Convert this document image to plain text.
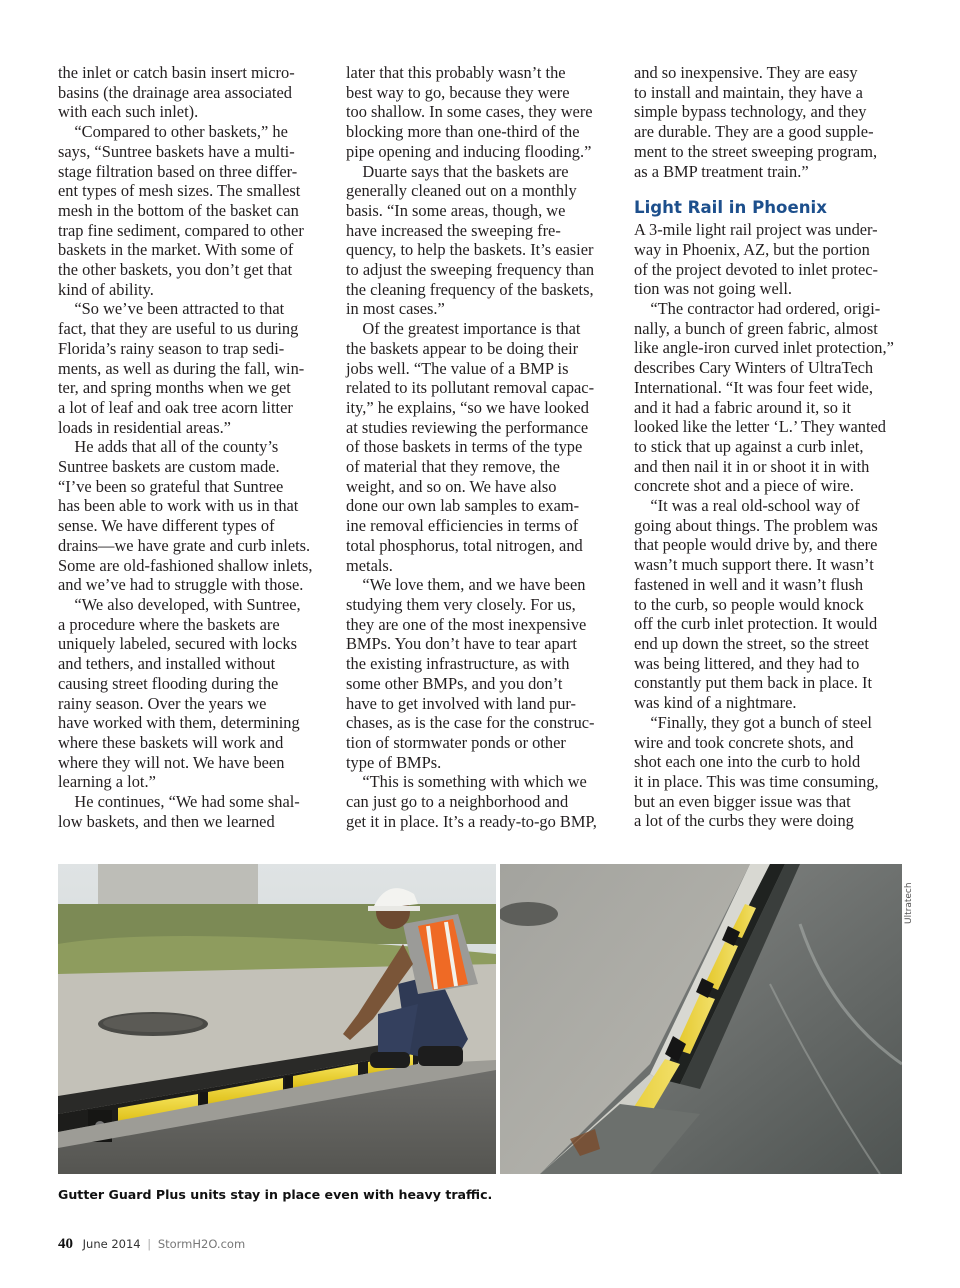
the inlet or catch basin insert micro-
basins (the drainage area associated
with each such inlet).
“Compared to other baskets,” he
says, “Suntree baskets have a multi-
stage filtration based on three differ-
ent types of mesh sizes. The smallest
mesh in the bottom of the basket can
trap fine sediment, compared to other
baskets in the market. With some of
the other baskets, you don’t get that
kind of ability.
“So we’ve been attracted to that
fact, that they are useful to us during
Florida’s rainy season to trap sedi-
ments, as well as during the fall, win-
ter, and spring months when we get
a lot of leaf and oak tree acorn litter
loads in residential areas.”
He adds that all of the county’s
Suntree baskets are custom made.
“I’ve been so grateful that Suntree
has been able to work with us in that
sense. We have different types of
drains—we have grate and curb inlets.
Some are old-fashioned shallow inlets,
and we’ve had to struggle with those.
“We also developed, with Suntree,
a procedure where the baskets are
uniquely labeled, secured with locks
and tethers, and installed without
causing street flooding during the
rainy season. Over the years we
have worked with them, determining
where these baskets will work and
where they will not. We have been
learning a lot.”
He continues, “We had some shal-
low baskets, and then we learned
later that this probably wasn’t the
best way to go, because they were
too shallow. In some cases, they were
blocking more than one-third of the
pipe opening and inducing flooding.”
Duarte says that the baskets are
generally cleaned out on a monthly
basis. “In some areas, though, we
have increased the sweeping fre-
quency, to help the baskets. It’s easier
to adjust the sweeping frequency than
the cleaning frequency of the baskets,
in most cases.”
Of the greatest importance is that
the baskets appear to be doing their
jobs well. “The value of a BMP is
related to its pollutant removal capac-
ity,” he explains, “so we have looked
at studies reviewing the performance
of those baskets in terms of the type
of material that they remove, the
weight, and so on. We have also
done our own lab samples to exam-
ine removal efficiencies in terms of
total phosphorus, total nitrogen, and
metals.
“We love them, and we have been
studying them very closely. For us,
they are one of the most inexpensive
BMPs. You don’t have to tear apart
the existing infrastructure, as with
some other BMPs, and you don’t
have to get involved with land pur-
chases, as is the case for the construc-
tion of stormwater ponds or other
type of BMPs.
“This is something with which we
can just go to a neighborhood and
get it in place. It’s a ready-to-go BMP,
and so inexpensive. They are easy
to install and maintain, they have a
simple bypass technology, and they
are durable. They are a good supple-
ment to the street sweeping program,
as a BMP treatment train.”
Light Rail in Phoenix
A 3-mile light rail project was under-
way in Phoenix, AZ, but the portion
of the project devoted to inlet protec-
tion was not going well.
“The contractor had ordered, origi-
nally, a bunch of green fabric, almost
like angle-iron curved inlet protection,”
describes Cary Winters of UltraTech
International. “It was four feet wide,
and it had a fabric around it, so it
looked like the letter ‘L.’ They wanted
to stick that up against a curb inlet,
and then nail it in or shoot it in with
concrete shot and a piece of wire.
“It was a real old-school way of
going about things. The problem was
that people would drive by, and there
wasn’t much support there. It wasn’t
fastened in well and it wasn’t flush
to the curb, so people would knock
off the curb inlet protection. It would
end up down the street, so the street
was being littered, and they had to
constantly put them back in place. It
was kind of a nightmare.
“Finally, they got a bunch of steel
wire and took concrete shots, and
shot each one into the curb to hold
it in place. This was time consuming,
but an even bigger issue was that
a lot of the curbs they were doing
Ultratech
Gutter Guard Plus units stay in place even with heavy traffic.
40 June 2014 | StormH2O.com
